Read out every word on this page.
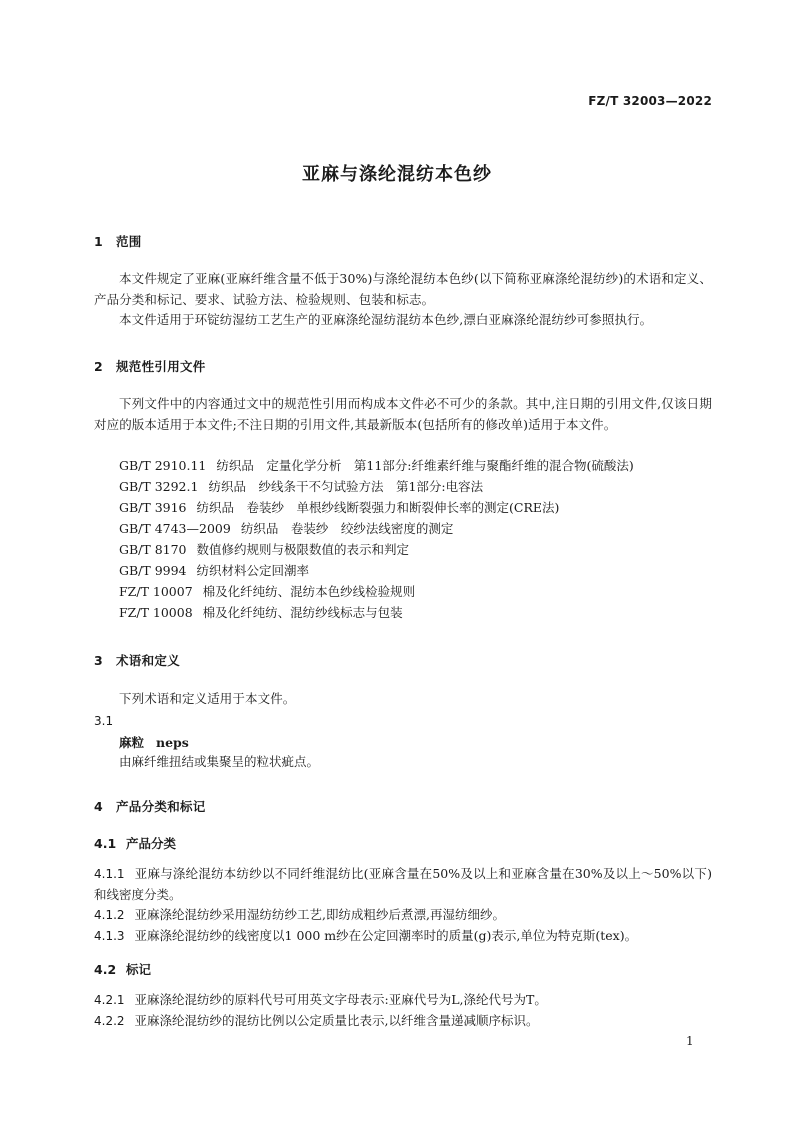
FZ/T 32003—2022
亚麻与涤纶混纺本色纱
1 范围
本文件规定了亚麻(亚麻纤维含量不低于30%)与涤纶混纺本色纱(以下简称亚麻涤纶混纺纱)的术语和定义、产品分类和标记、要求、试验方法、检验规则、包装和标志。
本文件适用于环锭纺湿纺工艺生产的亚麻涤纶湿纺混纺本色纱,漂白亚麻涤纶混纺纱可参照执行。
2 规范性引用文件
下列文件中的内容通过文中的规范性引用而构成本文件必不可少的条款。其中,注日期的引用文件,仅该日期对应的版本适用于本文件;不注日期的引用文件,其最新版本(包括所有的修改单)适用于本文件。
GB/T 2910.11 纺织品　定量化学分析　第11部分:纤维素纤维与聚酯纤维的混合物(硫酸法)
GB/T 3292.1 纺织品　纱线条干不匀试验方法　第1部分:电容法
GB/T 3916 纺织品　卷装纱　单根纱线断裂强力和断裂伸长率的测定(CRE法)
GB/T 4743—2009 纺织品　卷装纱　绞纱法线密度的测定
GB/T 8170 数值修约规则与极限数值的表示和判定
GB/T 9994 纺织材料公定回潮率
FZ/T 10007 棉及化纤纯纺、混纺本色纱线检验规则
FZ/T 10008 棉及化纤纯纺、混纺纱线标志与包装
3 术语和定义
下列术语和定义适用于本文件。
3.1
麻粒 neps
由麻纤维扭结或集聚呈的粒状疵点。
4 产品分类和标记
4.1 产品分类
4.1.1 亚麻与涤纶混纺本纺纱以不同纤维混纺比(亚麻含量在50%及以上和亚麻含量在30%及以上～50%以下)和线密度分类。
4.1.2 亚麻涤纶混纺纱采用湿纺纺纱工艺,即纺成粗纱后煮漂,再湿纺细纱。
4.1.3 亚麻涤纶混纺纱的线密度以1 000 m纱在公定回潮率时的质量(g)表示,单位为特克斯(tex)。
4.2 标记
4.2.1 亚麻涤纶混纺纱的原料代号可用英文字母表示:亚麻代号为L,涤纶代号为T。
4.2.2 亚麻涤纶混纺纱的混纺比例以公定质量比表示,以纤维含量递减顺序标识。
1
